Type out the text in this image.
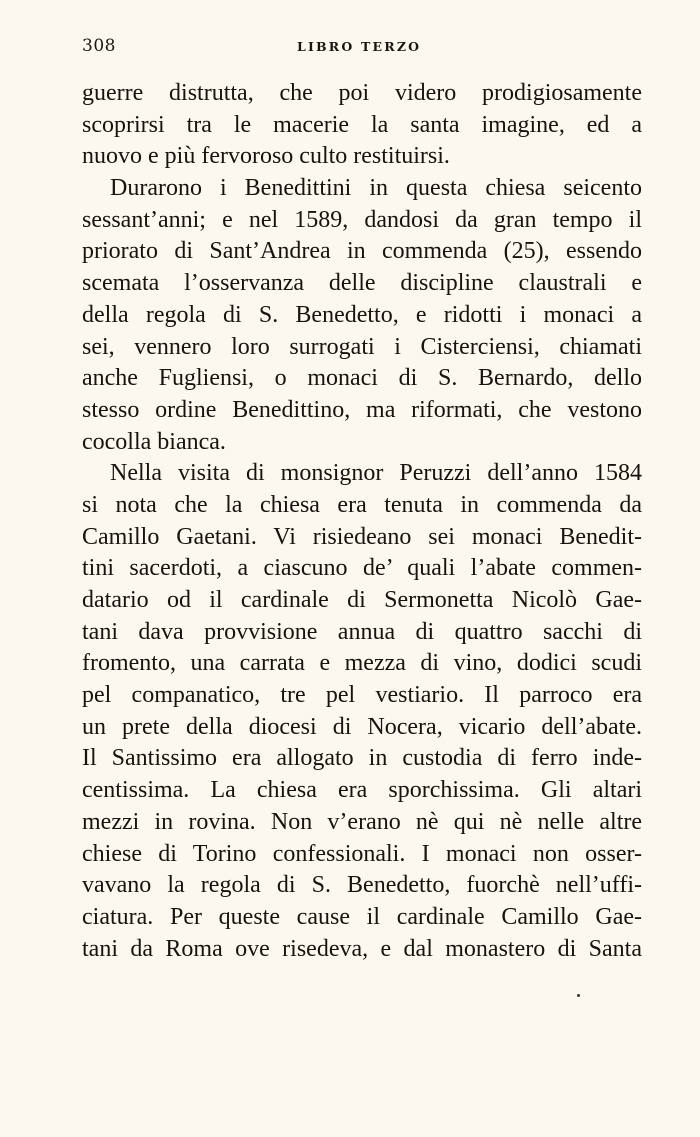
308	LIBRO TERZO
guerre distrutta, che poi videro prodigiosamente
scoprirsi tra le macerie la santa imagine, ed a
nuovo e più fervoroso culto restituirsi.
Durarono i Benedittini in questa chiesa seicento
sessant’anni; e nel 1589, dandosi da gran tempo il
priorato di Sant’Andrea in commenda (25), essendo
scemata l’osservanza delle discipline claustrali e
della regola di S. Benedetto, e ridotti i monaci a
sei, vennero loro surrogati i Cisterciensi, chiamati
anche Fugliensi, o monaci di S. Bernardo, dello
stesso ordine Benedittino, ma riformati, che vestono
cocolla bianca.
Nella visita di monsignor Peruzzi dell’anno 1584
si nota che la chiesa era tenuta in commenda da
Camillo Gaetani. Vi risiedeano sei monaci Benedit-
tini sacerdoti, a ciascuno de’ quali l’abate commen-
datario od il cardinale di Sermonetta Nicolò Gae-
tani dava provvisione annua di quattro sacchi di
fromento, una carrata e mezza di vino, dodici scudi
pel companatico, tre pel vestiario. Il parroco era
un prete della diocesi di Nocera, vicario dell’abate.
Il Santissimo era allogato in custodia di ferro inde-
centissima. La chiesa era sporchissima. Gli altari
mezzi in rovina. Non v’erano nè qui nè nelle altre
chiese di Torino confessionali. I monaci non osser-
vavano la regola di S. Benedetto, fuorchè nell’uffi-
ciatura. Per queste cause il cardinale Camillo Gae-
tani da Roma ove risedeva, e dal monastero di Santa
